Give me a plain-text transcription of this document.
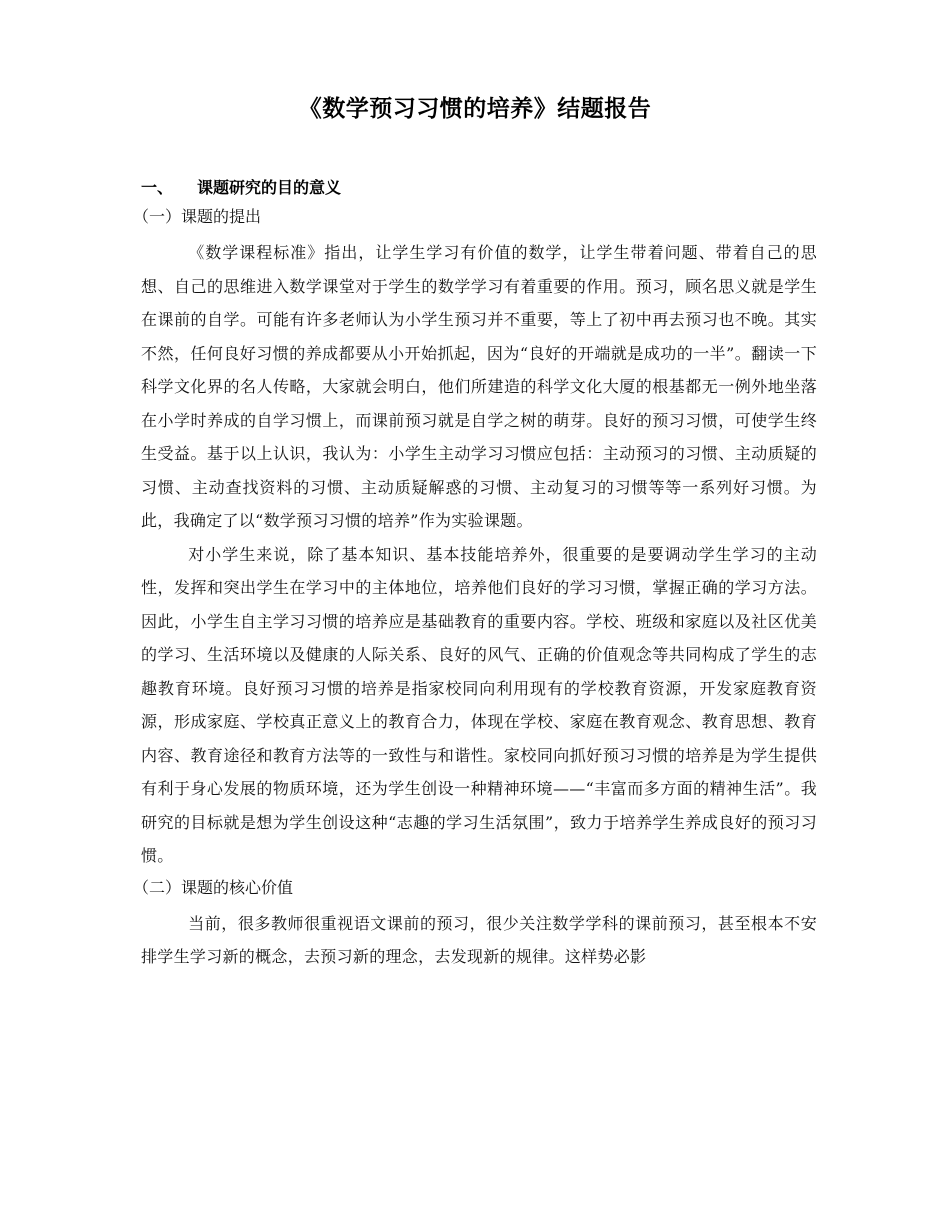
《数学预习习惯的培养》结题报告
一、 课题研究的目的意义
（一）课题的提出

《数学课程标准》指出，让学生学习有价值的数学，让学生带着问题、带着自己的思想、自己的思维进入数学课堂对于学生的数学学习有着重要的作用。预习，顾名思义就是学生在课前的自学。可能有许多老师认为小学生预习并不重要，等上了初中再去预习也不晚。其实不然，任何良好习惯的养成都要从小开始抓起，因为“良好的开端就是成功的一半”。翻读一下科学文化界的名人传略，大家就会明白，他们所建造的科学文化大厦的根基都无一例外地坐落在小学时养成的自学习惯上，而课前预习就是自学之树的萌芽。良好的预习习惯，可使学生终生受益。基于以上认识，我认为：小学生主动学习习惯应包括：主动预习的习惯、主动质疑的习惯、主动查找资料的习惯、主动质疑解惑的习惯、主动复习的习惯等等一系列好习惯。为此，我确定了以“数学预习习惯的培养”作为实验课题。

对小学生来说，除了基本知识、基本技能培养外，很重要的是要调动学生学习的主动性，发挥和突出学生在学习中的主体地位，培养他们良好的学习习惯，掌握正确的学习方法。因此，小学生自主学习习惯的培养应是基础教育的重要内容。学校、班级和家庭以及社区优美的学习、生活环境以及健康的人际关系、良好的风气、正确的价值观念等共同构成了学生的志趣教育环境。良好预习习惯的培养是指家校同向利用现有的学校教育资源，开发家庭教育资源，形成家庭、学校真正意义上的教育合力，体现在学校、家庭在教育观念、教育思想、教育内容、教育途径和教育方法等的一致性与和谐性。家校同向抓好预习习惯的培养是为学生提供有利于身心发展的物质环境，还为学生创设一种精神环境——“丰富而多方面的精神生活”。我研究的目标就是想为学生创设这种“志趣的学习生活氛围”，致力于培养学生养成良好的预习习惯。

（二）课题的核心价值

当前，很多教师很重视语文课前的预习，很少关注数学学科的课前预习，甚至根本不安排学生学习新的概念，去预习新的理念，去发现新的规律。这样势必影
